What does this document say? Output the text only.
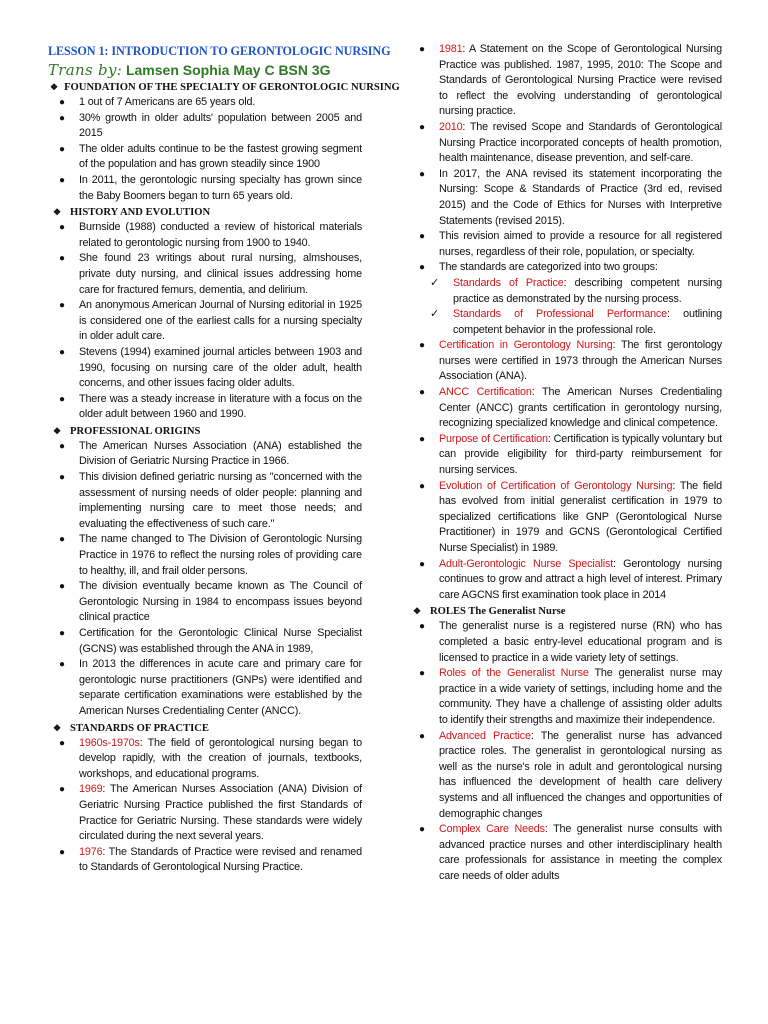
LESSON 1: INTRODUCTION TO GERONTOLOGIC NURSING
Trans by: Lamsen Sophia May C BSN 3G
❖ FOUNDATION OF THE SPECIALTY OF GERONTOLOGIC NURSING
● 1 out of 7 Americans are 65 years old.
● 30% growth in older adults' population between 2005 and 2015
● The older adults continue to be the fastest growing segment of the population and has grown steadily since 1900
● In 2011, the gerontologic nursing specialty has grown since the Baby Boomers began to turn 65 years old.
❖ HISTORY AND EVOLUTION
● Burnside (1988) conducted a review of historical materials related to gerontologic nursing from 1900 to 1940.
● She found 23 writings about rural nursing, almshouses, private duty nursing, and clinical issues addressing home care for fractured femurs, dementia, and delirium.
● An anonymous American Journal of Nursing editorial in 1925 is considered one of the earliest calls for a nursing specialty in older adult care.
● Stevens (1994) examined journal articles between 1903 and 1990, focusing on nursing care of the older adult, health concerns, and other issues facing older adults.
● There was a steady increase in literature with a focus on the older adult between 1960 and 1990.
❖ PROFESSIONAL ORIGINS
● The American Nurses Association (ANA) established the Division of Geriatric Nursing Practice in 1966.
● This division defined geriatric nursing as "concerned with the assessment of nursing needs of older people: planning and implementing nursing care to meet those needs; and evaluating the effectiveness of such care."
● The name changed to The Division of Gerontologic Nursing Practice in 1976 to reflect the nursing roles of providing care to healthy, ill, and frail older persons.
● The division eventually became known as The Council of Gerontologic Nursing in 1984 to encompass issues beyond clinical practice
● Certification for the Gerontologic Clinical Nurse Specialist (GCNS) was established through the ANA in 1989,
● In 2013 the differences in acute care and primary care for gerontologic nurse practitioners (GNPs) were identified and separate certification examinations were established by the American Nurses Credentialing Center (ANCC).
❖ STANDARDS OF PRACTICE
● 1960s-1970s: The field of gerontological nursing began to develop rapidly, with the creation of journals, textbooks, workshops, and educational programs.
● 1969: The American Nurses Association (ANA) Division of Geriatric Nursing Practice published the first Standards of Practice for Geriatric Nursing. These standards were widely circulated during the next several years.
● 1976: The Standards of Practice were revised and renamed to Standards of Gerontological Nursing Practice.
● 1981: A Statement on the Scope of Gerontological Nursing Practice was published. 1987, 1995, 2010: The Scope and Standards of Gerontological Nursing Practice were revised to reflect the evolving understanding of gerontological nursing practice.
● 2010: The revised Scope and Standards of Gerontological Nursing Practice incorporated concepts of health promotion, health maintenance, disease prevention, and self-care.
● In 2017, the ANA revised its statement incorporating the Nursing: Scope & Standards of Practice (3rd ed, revised 2015) and the Code of Ethics for Nurses with Interpretive Statements (revised 2015).
● This revision aimed to provide a resource for all registered nurses, regardless of their role, population, or specialty.
● The standards are categorized into two groups:
✓ Standards of Practice: describing competent nursing practice as demonstrated by the nursing process.
✓ Standards of Professional Performance: outlining competent behavior in the professional role.
● Certification in Gerontology Nursing: The first gerontology nurses were certified in 1973 through the American Nurses Association (ANA).
● ANCC Certification: The American Nurses Credentialing Center (ANCC) grants certification in gerontology nursing, recognizing specialized knowledge and clinical competence.
● Purpose of Certification: Certification is typically voluntary but can provide eligibility for third-party reimbursement for nursing services.
● Evolution of Certification of Gerontology Nursing: The field has evolved from initial generalist certification in 1979 to specialized certifications like GNP (Gerontological Nurse Practitioner) in 1979 and GCNS (Gerontological Certified Nurse Specialist) in 1989.
● Adult-Gerontologic Nurse Specialist: Gerontology nursing continues to grow and attract a high level of interest. Primary care AGCNS first examination took place in 2014
❖ ROLES The Generalist Nurse
● The generalist nurse is a registered nurse (RN) who has completed a basic entry-level educational program and is licensed to practice in a wide variety lety of settings.
● Roles of the Generalist Nurse The generalist nurse may practice in a wide variety of settings, including home and the community. They have a challenge of assisting older adults to identify their strengths and maximize their independence.
● Advanced Practice: The generalist nurse has advanced practice roles. The generalist in gerontological nursing as well as the nurse's role in adult and gerontological nursing has influenced the development of health care delivery systems and all influenced the changes and opportunities of demographic changes
● Complex Care Needs: The generalist nurse consults with advanced practice nurses and other interdisciplinary health care professionals for assistance in meeting the complex care needs of older adults
